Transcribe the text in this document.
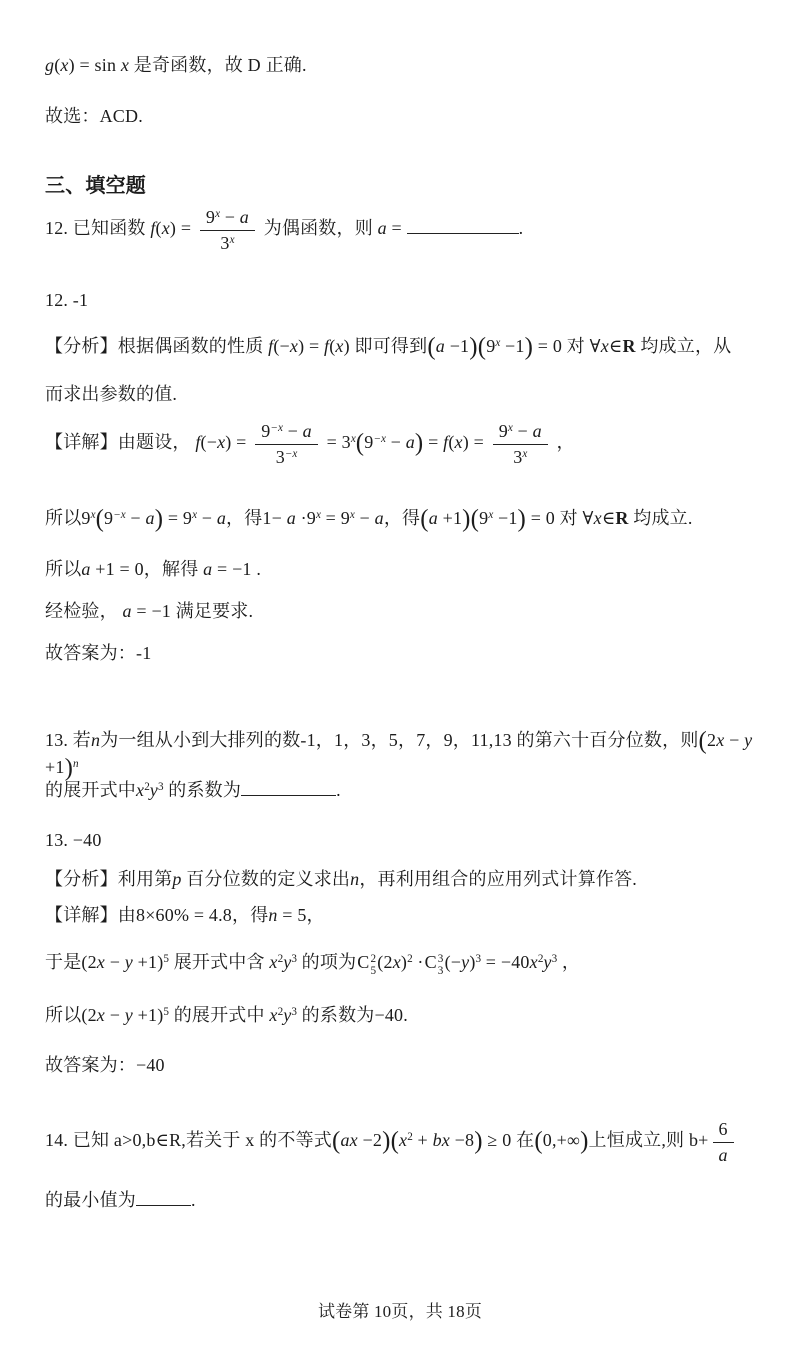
g(x) = sin x 是奇函数，故 D 正确.
故选：ACD.
三、填空题
12. 已知函数 $f(x) = \frac{9^x - a}{3^x}$ 为偶函数，则 a =	.
12. -1
【分析】根据偶函数的性质 f(−x) = f(x) 即可得到$(a -1)(9^x -1) = 0$ 对 ∀x∈R 均成立，从
而求出参数的值.
【详解】由题设， $f(-x) = \frac{9^{-x} - a}{3^{-x}} = 3^x(9^{-x} - a) = f(x) = \frac{9^x - a}{3^x}$ ，
所以$9^x(9^{-x} - a) = 9^x - a$，得$1- a \cdot 9^x = 9^x - a$，得$(a +1)(9^x -1) = 0$ 对 ∀x∈R 均成立.
所以a +1 = 0，解得 a = −1 .
经检验， a = −1 满足要求.
故答案为：-1
13. 若n为一组从小到大排列的数-1，1，3，5，7，9，11,13 的第六十百分位数，则$(2x - y +1)^n$
的展开式中$x^2y^3$ 的系数为	.
13. −40
【分析】利用第p 百分位数的定义求出n，再利用组合的应用列式计算作答.
【详解】由8×60% = 4.8，得n = 5，
于是$(2x - y +1)^5$ 展开式中含 $x^2y^3$ 的项为C 2
5 $(2x)^2 \cdot C$ 3
3 $(-y)^3 = -40x^2y^3$ ，
所以$(2x - y +1)^5$ 的展开式中 $x^2y^3$ 的系数为−40.
故答案为：−40
14. 已知 a>0,b∈R,若关于 x 的不等式$(ax -2)(x^2$ + bx −8) ≥ 0 在(0,+∞)上恒成立,则 $b+ \frac{6}{a}$
的最小值为	.
试卷第 10页，共 18页
